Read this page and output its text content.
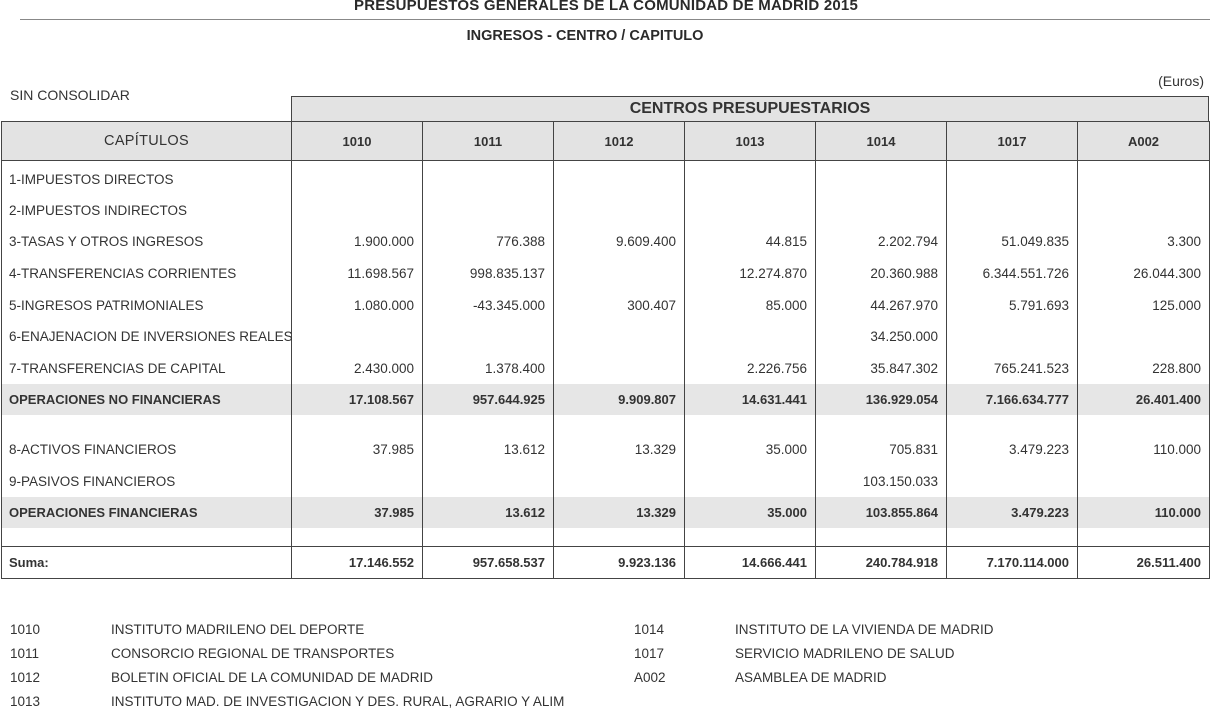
PRESUPUESTOS GENERALES DE LA COMUNIDAD DE MADRID 2015
INGRESOS - CENTRO / CAPITULO
SIN CONSOLIDAR
(Euros)
CENTROS PRESUPUESTARIOS
CAPÍTULOS	1010	1011	1012	1013	1014	1017	A002
1-IMPUESTOS DIRECTOS							
2-IMPUESTOS INDIRECTOS							
3-TASAS Y OTROS INGRESOS	1.900.000	776.388	9.609.400	44.815	2.202.794	51.049.835	3.300
4-TRANSFERENCIAS CORRIENTES	11.698.567	998.835.137		12.274.870	20.360.988	6.344.551.726	26.044.300
5-INGRESOS PATRIMONIALES	1.080.000	-43.345.000	300.407	85.000	44.267.970	5.791.693	125.000
6-ENAJENACION DE INVERSIONES REALES					34.250.000		
7-TRANSFERENCIAS DE CAPITAL	2.430.000	1.378.400		2.226.756	35.847.302	765.241.523	228.800
OPERACIONES NO FINANCIERAS	17.108.567	957.644.925	9.909.807	14.631.441	136.929.054	7.166.634.777	26.401.400

8-ACTIVOS FINANCIEROS	37.985	13.612	13.329	35.000	705.831	3.479.223	110.000
9-PASIVOS FINANCIEROS					103.150.033		
OPERACIONES FINANCIERAS	37.985	13.612	13.329	35.000	103.855.864	3.479.223	110.000

Suma:	17.146.552	957.658.537	9.923.136	14.666.441	240.784.918	7.170.114.000	26.511.400
1010	INSTITUTO MADRILENO DEL DEPORTE
1011	CONSORCIO REGIONAL DE TRANSPORTES
1012	BOLETIN OFICIAL DE LA COMUNIDAD DE MADRID
1013	INSTITUTO MAD. DE INVESTIGACION Y DES. RURAL, AGRARIO Y ALIM
1014	INSTITUTO DE LA VIVIENDA DE MADRID
1017	SERVICIO MADRILENO DE SALUD
A002	ASAMBLEA DE MADRID
